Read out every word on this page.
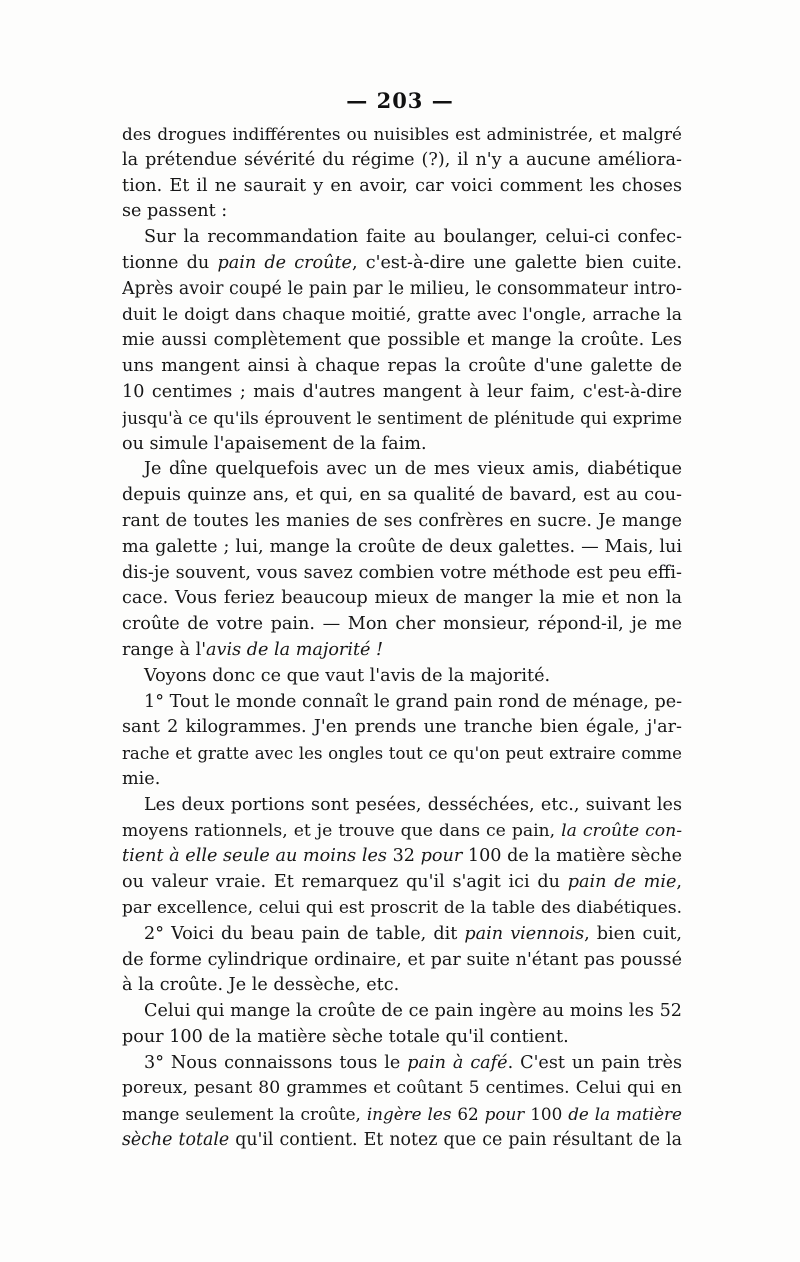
— 203 —
des drogues indifférentes ou nuisibles est administrée, et malgré
la prétendue sévérité du régime (?), il n'y a aucune améliora-
tion. Et il ne saurait y en avoir, car voici comment les choses
se passent :
Sur la recommandation faite au boulanger, celui-ci confec-
tionne du pain de croûte, c'est-à-dire une galette bien cuite.
Après avoir coupé le pain par le milieu, le consommateur intro-
duit le doigt dans chaque moitié, gratte avec l'ongle, arrache la
mie aussi complètement que possible et mange la croûte. Les
uns mangent ainsi à chaque repas la croûte d'une galette de
10 centimes ; mais d'autres mangent à leur faim, c'est-à-dire
jusqu'à ce qu'ils éprouvent le sentiment de plénitude qui exprime
ou simule l'apaisement de la faim.
Je dîne quelquefois avec un de mes vieux amis, diabétique
depuis quinze ans, et qui, en sa qualité de bavard, est au cou-
rant de toutes les manies de ses confrères en sucre. Je mange
ma galette ; lui, mange la croûte de deux galettes. — Mais, lui
dis-je souvent, vous savez combien votre méthode est peu effi-
cace. Vous feriez beaucoup mieux de manger la mie et non la
croûte de votre pain. — Mon cher monsieur, répond-il, je me
range à l'avis de la majorité !
Voyons donc ce que vaut l'avis de la majorité.
1° Tout le monde connaît le grand pain rond de ménage, pe-
sant 2 kilogrammes. J'en prends une tranche bien égale, j'ar-
rache et gratte avec les ongles tout ce qu'on peut extraire comme
mie.
Les deux portions sont pesées, desséchées, etc., suivant les
moyens rationnels, et je trouve que dans ce pain, la croûte con-
tient à elle seule au moins les 32 pour 100 de la matière sèche
ou valeur vraie. Et remarquez qu'il s'agit ici du pain de mie,
par excellence, celui qui est proscrit de la table des diabétiques.
2° Voici du beau pain de table, dit pain viennois, bien cuit,
de forme cylindrique ordinaire, et par suite n'étant pas poussé
à la croûte. Je le dessèche, etc.
Celui qui mange la croûte de ce pain ingère au moins les 52
pour 100 de la matière sèche totale qu'il contient.
3° Nous connaissons tous le pain à café. C'est un pain très
poreux, pesant 80 grammes et coûtant 5 centimes. Celui qui en
mange seulement la croûte, ingère les 62 pour 100 de la matière
sèche totale qu'il contient. Et notez que ce pain résultant de la
